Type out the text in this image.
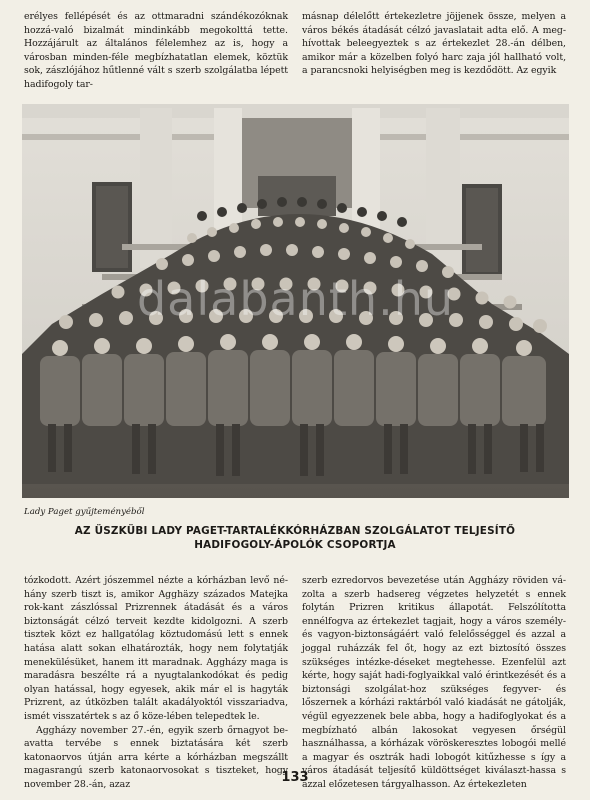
erélyes fellépését és az ottmaradni szándékozóknak hozzá-való bizalmát mindinkább megokolttá tette. Hozzájárult az általános félelemhez az is, hogy a városban minden-féle megbízhatatlan elemek, köztük sok, zászlójához hűtlenné vált s szerb szolgálatba lépett hadifogoly tar-

másnap délelőtt értekezletre jöjjenek össze, melyen a város békés átadását célzó javaslatait adta elő. A meg-hívottak beleegyeztek s az értekezlet 28.-án délben, amikor már a közelben folyó harc zaja jól hallható volt, a parancsnoki helyiségben meg is kezdődött. Az egyik

dalabanth.hu
Lady Paget gyűjteményéből
AZ ÜSZKÜBI LADY PAGET-TARTALÉKKÓRHÁZBAN SZOLGÁLATOT TELJESÍTŐ
HADIFOGOLY-ÁPOLÓK CSOPORTJA

tózkodott. Azért jószemmel nézte a kórházban levő né-hány szerb tiszt is, amikor Agghäzy százados Matejka rok-kant zászlóssal Prizrennek átadását és a város biztonságát célzó terveit kezdte kidolgozni. A szerb tisztek közt ez hallgatólag köztudomású lett s ennek hatása alatt sokan elhatározták, hogy nem folytatják menekülésüket, hanem itt maradnak. Aggházy maga is maradásra beszélte rá a nyugtalankodókat és pedig olyan hatással, hogy egyesek, akik már el is hagyták Prizrent, az útközben talált akadályoktól visszariadva, ismét visszatértek s az ő köze-lében telepedtek le.

Aggházy november 27.-én, egyik szerb őrnagyot be-avatta tervébe s ennek biztatására két szerb katonaorvos útján arra kérte a kórházban megszállt magasrangú szerb katonaorvosokat s tiszteket, hogy november 28.-án, azaz

szerb ezredorvos bevezetése után Aggházy röviden vá-zolta a szerb hadsereg végzetes helyzetét s ennek folytán Prizren kritikus állapotát. Felszólította ennélfogva az értekezlet tagjait, hogy a város személy- és vagyon-biztonságáért való felelősséggel és azzal a joggal ruházzák fel őt, hogy az ezt biztosító összes szükséges intézke-déseket megtehesse. Ezenfelül azt kérte, hogy saját hadi-foglyaikkal való érintkezését és a biztonsági szolgálat-hoz szükséges fegyver- és lőszernek a kórházi raktárból való kiadását ne gátolják, végül egyezzenek bele abba, hogy a hadifoglyokat és a megbízható albán lakosokat vegyesen őrségül használhassa, a kórházak vöröskeresztes lobogói mellé a magyar és osztrák hadi lobogót kitűzhesse s így a város átadását teljesítő küldöttséget kiválaszt-hassa s azzal előzetesen tárgyalhasson. Az értekezleten

133
